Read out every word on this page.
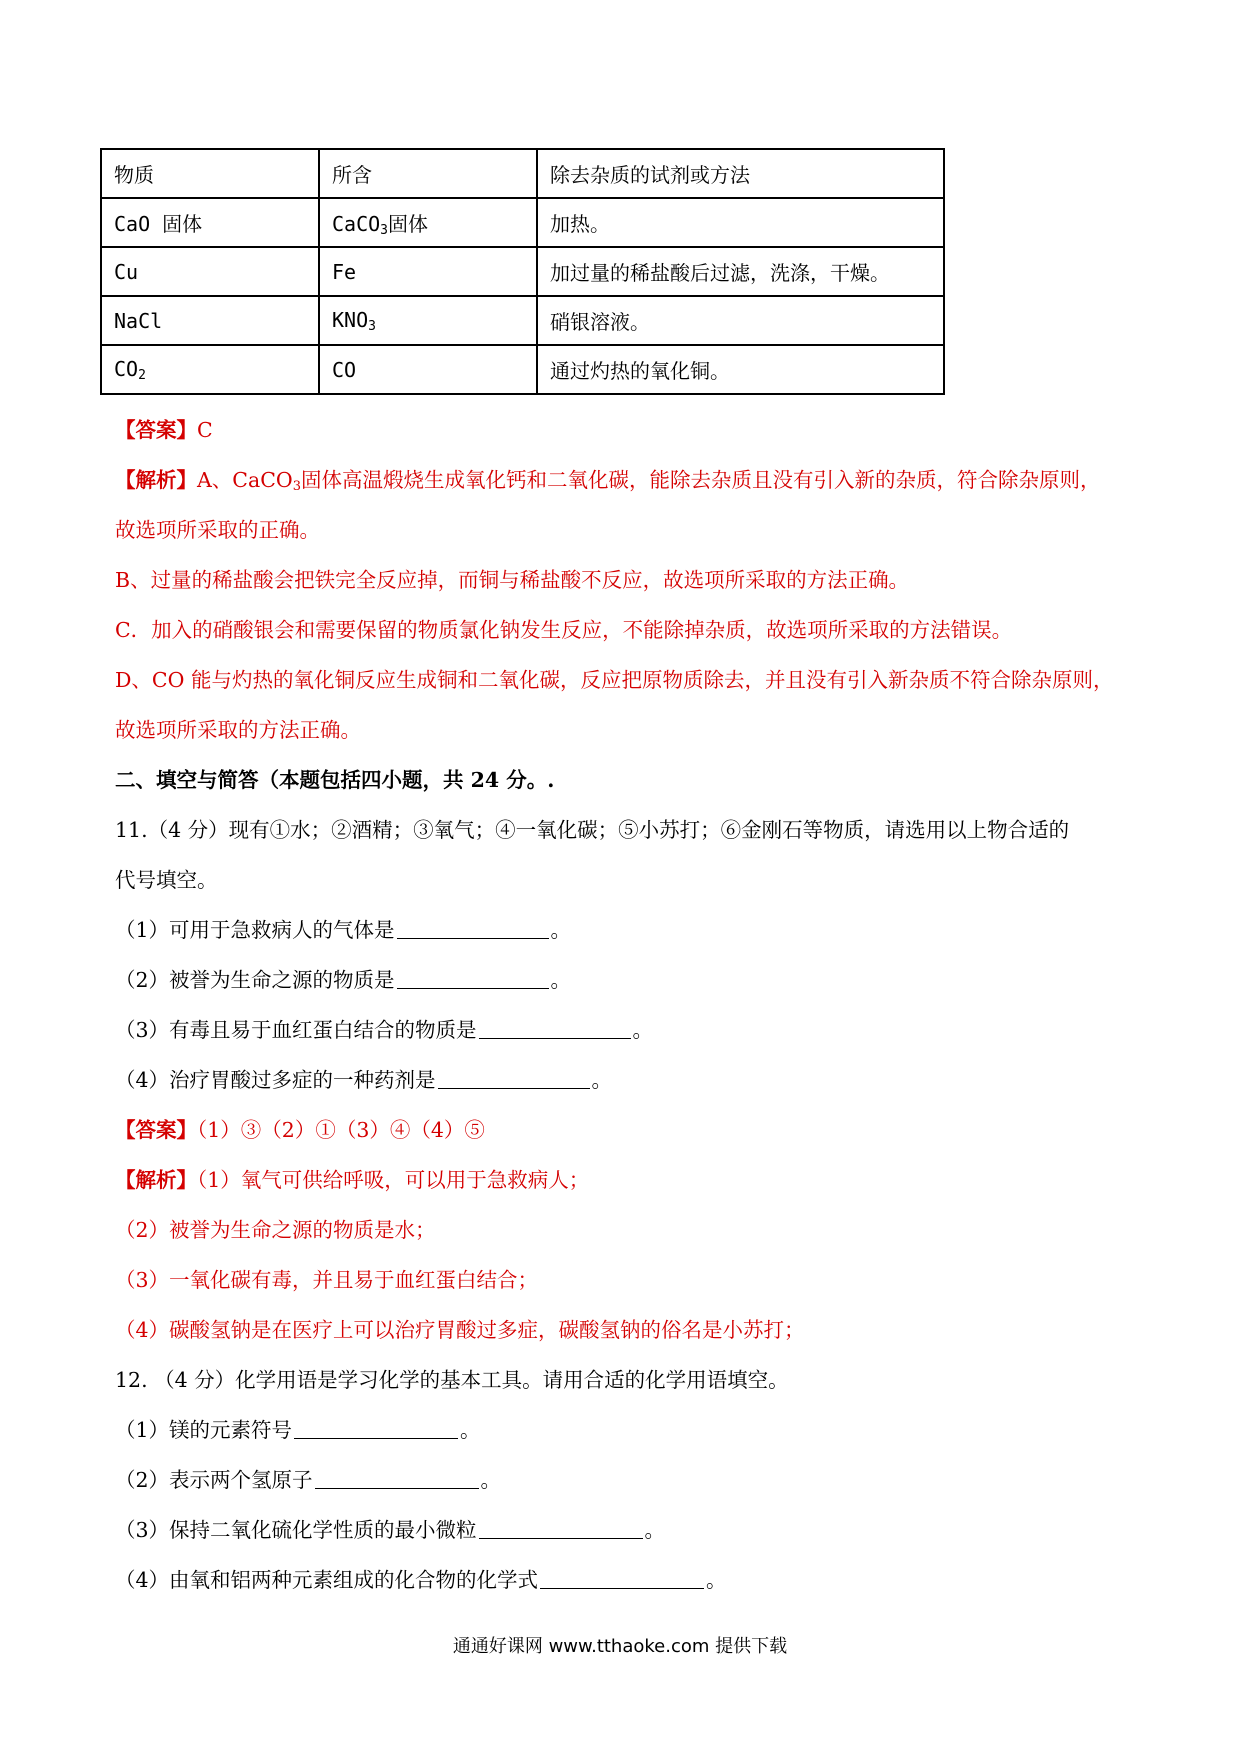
物质	所含	除去杂质的试剂或方法
CaO 固体	CaCO$_3$固体	加热。
Cu	Fe	加过量的稀盐酸后过滤，洗涤，干燥。
NaCl	$KNO_3$	硝银溶液。
$CO_2$	CO	通过灼热的氧化铜。
【答案】C
【解析】A、CaCO$_3$固体高温煅烧生成氧化钙和二氧化碳，能除去杂质且没有引入新的杂质，符合除杂原则，
故选项所采取的正确。
B、过量的稀盐酸会把铁完全反应掉，而铜与稀盐酸不反应，故选项所采取的方法正确。
C．加入的硝酸银会和需要保留的物质氯化钠发生反应，不能除掉杂质，故选项所采取的方法错误。
D、CO 能与灼热的氧化铜反应生成铜和二氧化碳，反应把原物质除去，并且没有引入新杂质不符合除杂原则，
故选项所采取的方法正确。
二、填空与简答（本题包括四小题，共 24 分。.
11.（4 分）现有①水；②酒精；③氧气；④一氧化碳；⑤小苏打；⑥金刚石等物质，请选用以上物合适的
代号填空。
（1）可用于急救病人的气体是	。
（2）被誉为生命之源的物质是	。
（3）有毒且易于血红蛋白结合的物质是	。
（4）治疗胃酸过多症的一种药剂是	。
【答案】（1）③（2）①（3）④（4）⑤
【解析】（1）氧气可供给呼吸，可以用于急救病人；
（2）被誉为生命之源的物质是水；
（3）一氧化碳有毒，并且易于血红蛋白结合；
（4）碳酸氢钠是在医疗上可以治疗胃酸过多症，碳酸氢钠的俗名是小苏打；
12. （4 分）化学用语是学习化学的基本工具。请用合适的化学用语填空。
（1）镁的元素符号	。
（2）表示两个氢原子	。
（3）保持二氧化硫化学性质的最小微粒	。
（4）由氧和铝两种元素组成的化合物的化学式	。
通通好课网 www.tthaoke.com 提供下载
